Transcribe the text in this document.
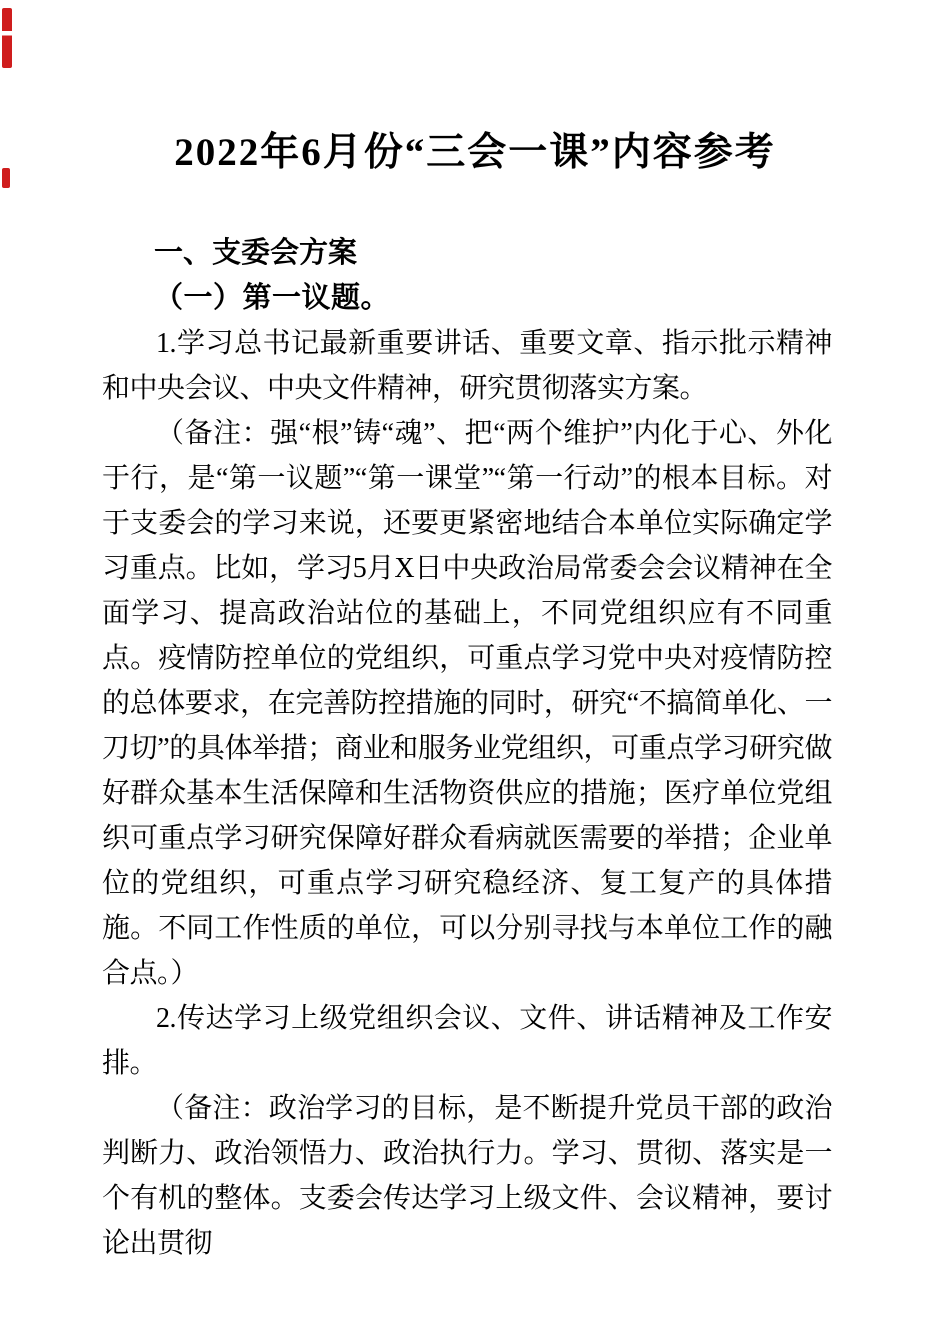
2022年6月份“三会一课”内容参考
一、支委会方案
（一）第一议题。

1.学习总书记最新重要讲话、重要文章、指示批示精神和中央会议、中央文件精神，研究贯彻落实方案。

（备注：强“根”铸“魂”、把“两个维护”内化于心、外化于行，是“第一议题”“第一课堂”“第一行动”的根本目标。对于支委会的学习来说，还要更紧密地结合本单位实际确定学习重点。比如，学习5月X日中央政治局常委会会议精神在全面学习、提高政治站位的基础上，不同党组织应有不同重点。疫情防控单位的党组织，可重点学习党中央对疫情防控的总体要求，在完善防控措施的同时，研究“不搞简单化、一刀切”的具体举措；商业和服务业党组织，可重点学习研究做好群众基本生活保障和生活物资供应的措施；医疗单位党组织可重点学习研究保障好群众看病就医需要的举措；企业单位的党组织，可重点学习研究稳经济、复工复产的具体措施。不同工作性质的单位，可以分别寻找与本单位工作的融合点。）

2.传达学习上级党组织会议、文件、讲话精神及工作安排。

（备注：政治学习的目标，是不断提升党员干部的政治判断力、政治领悟力、政治执行力。学习、贯彻、落实是一个有机的整体。支委会传达学习上级文件、会议精神，要讨论出贯彻
